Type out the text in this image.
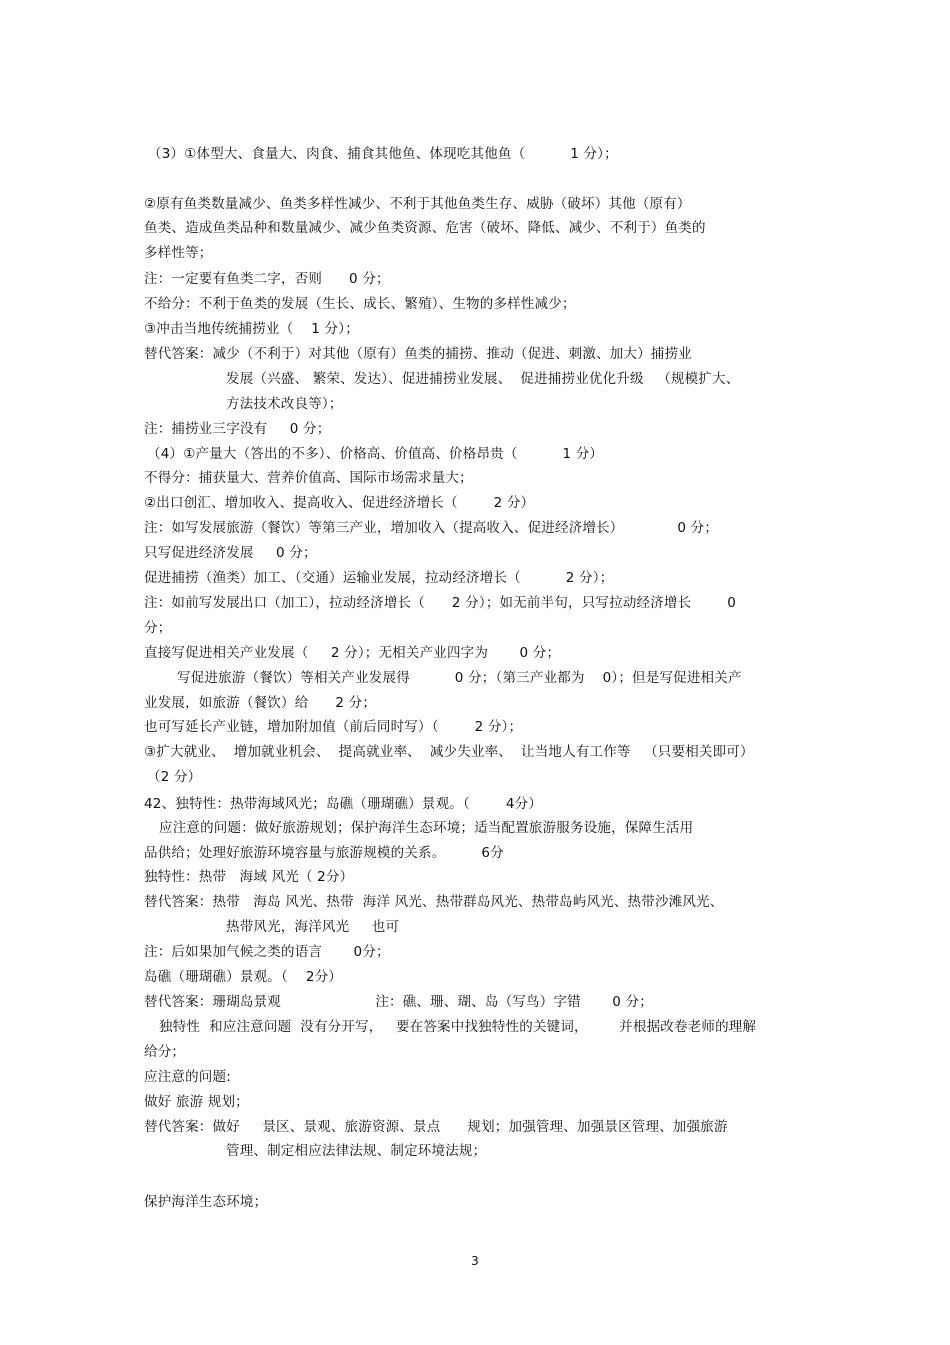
（3）①体型大、食量大、肉食、捕食其他鱼、体现吃其他鱼（          1 分）；
②原有鱼类数量减少、鱼类多样性减少、不利于其他鱼类生存、威胁（破坏）其他（原有）
鱼类、造成鱼类品种和数量减少、减少鱼类资源、危害（破坏、降低、减少、不利于）鱼类的
多样性等；
注：一定要有鱼类二字，否则      0 分；
不给分：不利于鱼类的发展（生长、成长、繁殖）、生物的多样性减少；
③冲击当地传统捕捞业（    1 分）；
替代答案：减少（不利于）对其他（原有）鱼类的捕捞、推动（促进、刺激、加大）捕捞业
发展（兴盛、 繁荣、发达）、促进捕捞业发展、  促进捕捞业优化升级   （规模扩大、
方法技术改良等）；
注：捕捞业三字没有     0 分；
（4）①产量大（答出的不多）、价格高、价值高、价格昂贵（          1 分）
不得分：捕获量大、营养价值高、国际市场需求量大；
②出口创汇、增加收入、提高收入、促进经济增长（        2 分）
注：如写发展旅游（餐饮）等第三产业，增加收入（提高收入、促进经济增长）            0 分；
只写促进经济发展     0 分；
促进捕捞（渔类）加工、（交通）运输业发展，拉动经济增长（          2 分）；
注：如前写发展出口（加工），拉动经济增长（      2 分）；如无前半句，只写拉动经济增长        0
分；
直接写促进相关产业发展（     2 分）；无相关产业四字为       0 分；
写促进旅游（餐饮）等相关产业发展得          0 分；（第三产业都为    0）；但是写促进相关产
业发展，如旅游（餐饮）给      2 分；
也可写延长产业链，增加附加值（前后同时写）（        2 分）；
③扩大就业、  增加就业机会、  提高就业率、  减少失业率、  让当地人有工作等   （只要相关即可）
（2 分）
42、独特性：热带海域风光；岛礁（珊瑚礁）景观。（        4分）
应注意的问题：做好旅游规划；保护海洋生态环境；适当配置旅游服务设施，保障生活用
品供给；处理好旅游环境容量与旅游规模的关系。        6分
独特性：热带   海域 风光（ 2分）
替代答案：热带   海岛 风光、热带  海洋 风光、热带群岛风光、热带岛屿风光、热带沙滩风光、
热带风光，海洋风光     也可
注：后如果加气候之类的语言       0分；
岛礁（珊瑚礁）景观。（    2分）
替代答案：珊瑚岛景观                     注：礁、珊、瑚、岛（写鸟）字错       0 分；
独特性  和应注意问题  没有分开写，   要在答案中找独特性的关键词，       并根据改卷老师的理解
给分；
应注意的问题:
做好 旅游 规划；
替代答案：做好     景区、景观、旅游资源、景点      规划；加强管理、加强景区管理、加强旅游
管理、制定相应法律法规、制定环境法规；
保护海洋生态环境；
3
